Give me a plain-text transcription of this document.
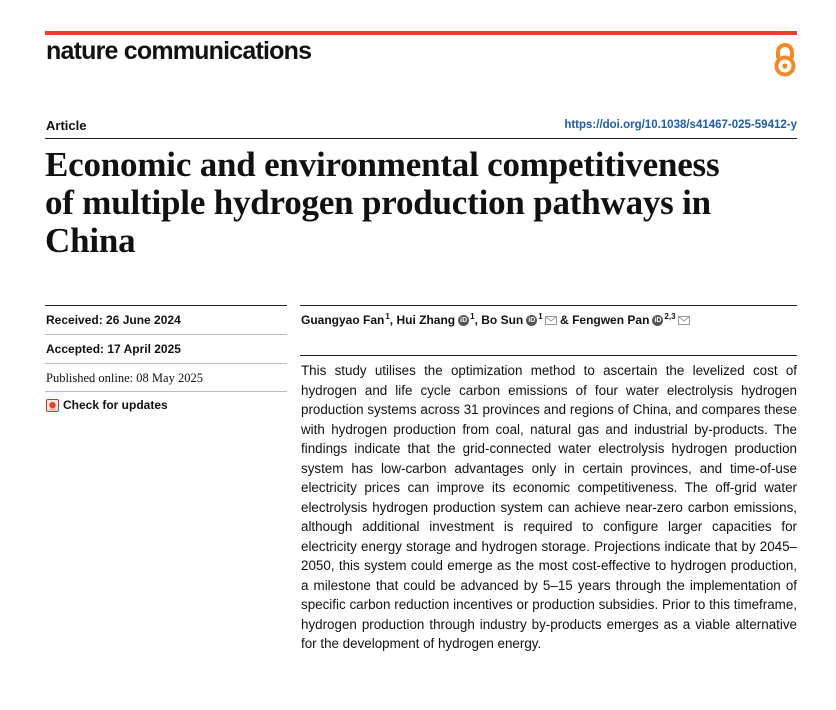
nature communications
Article	https://doi.org/10.1038/s41467-025-59412-y
Economic and environmental competitiveness of multiple hydrogen production pathways in China
Received: 26 June 2024
Accepted: 17 April 2025
Published online: 08 May 2025
Check for updates
Guangyao Fan$^1$ , Hui Zhang iD $^1$ , Bo Sun iD $^1$ & Fengwen Pan iD $^{2,3}$

This study utilises the optimization method to ascertain the levelized cost of hydrogen and life cycle carbon emissions of four water electrolysis hydrogen production systems across 31 provinces and regions of China, and compares these with hydrogen production from coal, natural gas and industrial by-products. The findings indicate that the grid-connected water electrolysis hydrogen production system has low-carbon advantages only in certain provinces, and time-of-use electricity prices can improve its economic competitiveness. The off-grid water electrolysis hydrogen production system can achieve near-zero carbon emissions, although additional investment is required to configure larger capacities for electricity energy storage and hydrogen storage. Projections indicate that by 2045–2050, this system could emerge as the most cost-effective to hydrogen production, a milestone that could be advanced by 5–15 years through the implementation of specific carbon reduction incentives or production subsidies. Prior to this timeframe, hydrogen production through industry by-products emerges as a viable alternative for the development of hydrogen energy.
